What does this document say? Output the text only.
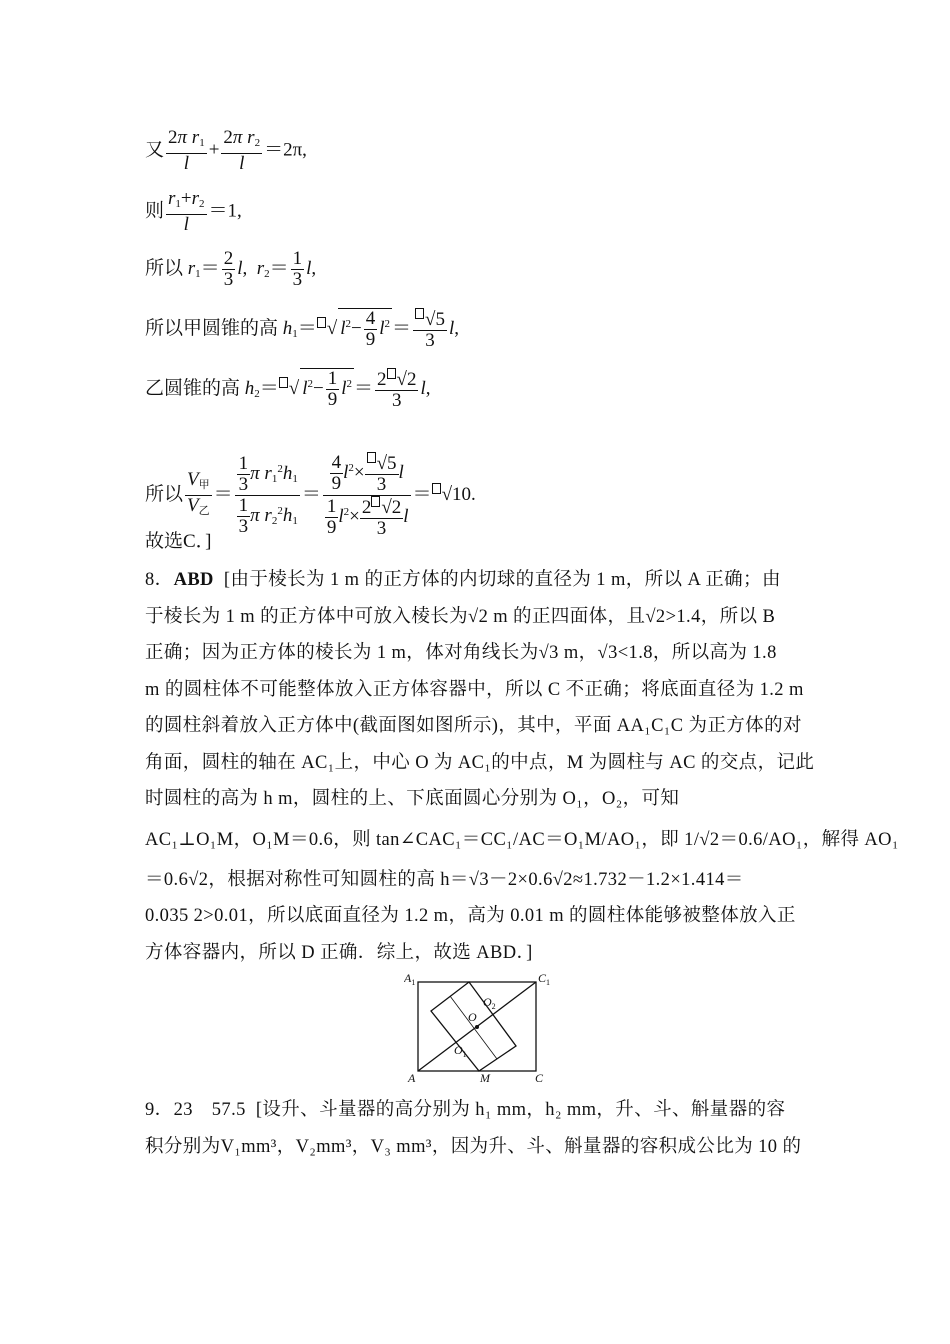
又 $\frac{2\pi r_1}{l} + \frac{2\pi r_2}{l} =2\pi$,
则 $\frac{r_1+r_2}{l} =1$,
所以 $r_1= \frac{2}{3} l$,  $r_2= \frac{1}{3} l$,
所以甲圆锥的高 $h_1=$ √ $l^2- \frac{4}{9} l^2 = \frac{√5}{3} l$,
乙圆锥的高 $h_2=$ √ $l^2- \frac{1}{9} l^2 = \frac{2 √2}{3} l$,
所以 $\frac{V_甲}{V_乙} = \frac{\frac{1}{3} \pi r_1^2h_1}{\frac{1}{3} \pi r_2^2h_1} = \frac{\frac{4}{9} l^2\times \frac{√5}{3} l}{\frac{1}{9} l^2\times \frac{2 √2}{3} l} = √10$.
故选C．]
8．ABD [由于棱长为 1 m 的正方体的内切球的直径为 1 m，所以 A 正确；由
于棱长为 1 m 的正方体中可放入棱长为√2 m 的正四面体，且√2>1.4，所以 B
正确；因为正方体的棱长为 1 m，体对角线长为√3 m，√3<1.8，所以高为 1.8
m 的圆柱体不可能整体放入正方体容器中，所以 C 不正确；将底面直径为 1.2 m
的圆柱斜着放入正方体中(截面图如图所示)，其中，平面 AA₁C₁C 为正方体的对
角面，圆柱的轴在 AC₁上，中心 O 为 AC₁的中点，M 为圆柱与 AC 的交点，记此
时圆柱的高为 h m，圆柱的上、下底面圆心分别为 O₁，O₂，可知
AC₁⊥O₁M，O₁M＝0.6，则 tan∠CAC₁＝CC₁/AC＝O₁M/AO₁，即 1/√2＝0.6/AO₁，解得 AO₁
＝0.6√2，根据对称性可知圆柱的高 h＝√3－2×0.6√2≈1.732－1.2×1.414＝
0.035 2>0.01，所以底面直径为 1.2 m，高为 0.01 m 的圆柱体能够被整体放入正
方体容器内，所以 D 正确．综上，故选 ABD．]
$A_1$	$C_1$
A	M	C
O
$O_1$
$O_2$
9．23　57.5 [设升、斗量器的高分别为 h₁ mm，h₂ mm，升、斗、斛量器的容
积分别为V₁mm³，V₂mm³，V₃ mm³，因为升、斗、斛量器的容积成公比为 10 的
